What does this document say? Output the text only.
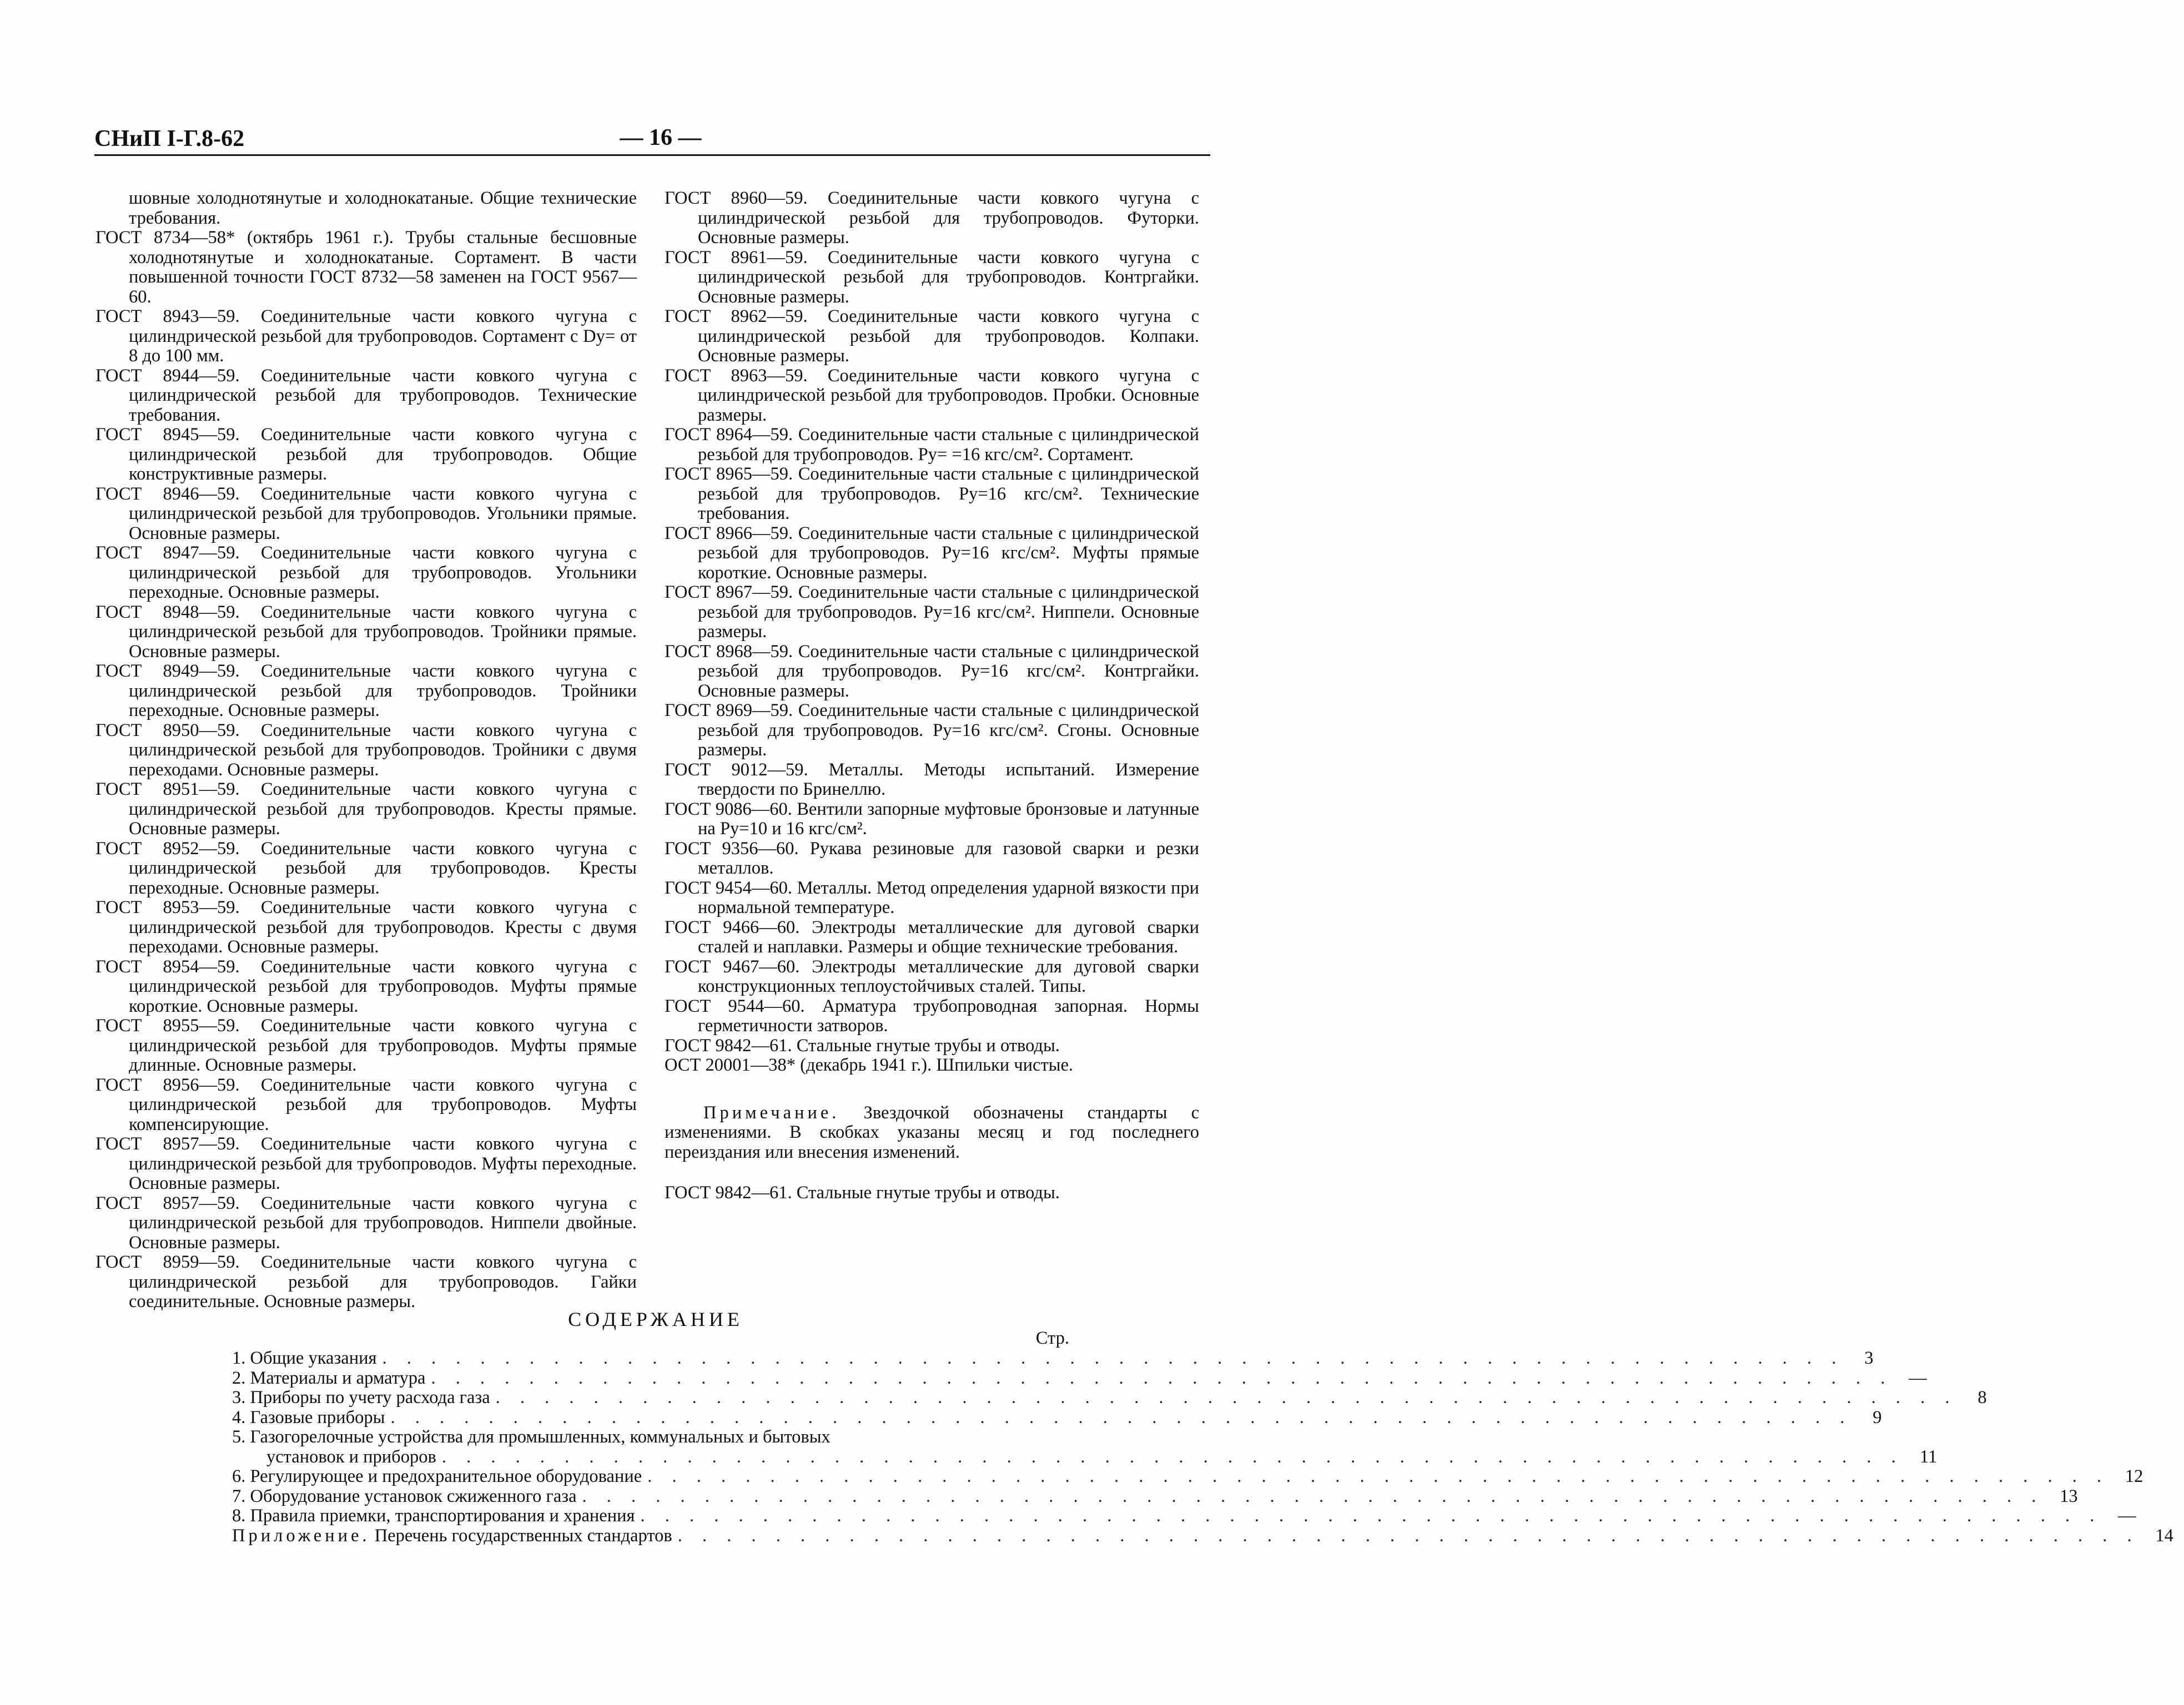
СНиП I-Г.8-62	— 16 —

шовные холоднотянутые и холоднокатаные. Общие технические требования.

ГОСТ 8734—58* (октябрь 1961 г.). Трубы стальные бесшовные холоднотянутые и холоднокатаные. Сортамент. В части повышенной точности ГОСТ 8732—58 заменен на ГОСТ 9567—60.

ГОСТ 8943—59. Соединительные части ковкого чугуна с цилиндрической резьбой для трубопроводов. Сортамент с Dy= от 8 до 100 мм.

ГОСТ 8944—59. Соединительные части ковкого чугуна с цилиндрической резьбой для трубопроводов. Технические требования.

ГОСТ 8945—59. Соединительные части ковкого чугуна с цилиндрической резьбой для трубопроводов. Общие конструктивные размеры.

ГОСТ 8946—59. Соединительные части ковкого чугуна с цилиндрической резьбой для трубопроводов. Угольники прямые. Основные размеры.

ГОСТ 8947—59. Соединительные части ковкого чугуна с цилиндрической резьбой для трубопроводов. Угольники переходные. Основные размеры.

ГОСТ 8948—59. Соединительные части ковкого чугуна с цилиндрической резьбой для трубопроводов. Тройники прямые. Основные размеры.

ГОСТ 8949—59. Соединительные части ковкого чугуна с цилиндрической резьбой для трубопроводов. Тройники переходные. Основные размеры.

ГОСТ 8950—59. Соединительные части ковкого чугуна с цилиндрической резьбой для трубопроводов. Тройники с двумя переходами. Основные размеры.

ГОСТ 8951—59. Соединительные части ковкого чугуна с цилиндрической резьбой для трубопроводов. Кресты прямые. Основные размеры.

ГОСТ 8952—59. Соединительные части ковкого чугуна с цилиндрической резьбой для трубопроводов. Кресты переходные. Основные размеры.

ГОСТ 8953—59. Соединительные части ковкого чугуна с цилиндрической резьбой для трубопроводов. Кресты с двумя переходами. Основные размеры.

ГОСТ 8954—59. Соединительные части ковкого чугуна с цилиндрической резьбой для трубопроводов. Муфты прямые короткие. Основные размеры.

ГОСТ 8955—59. Соединительные части ковкого чугуна с цилиндрической резьбой для трубопроводов. Муфты прямые длинные. Основные размеры.

ГОСТ 8956—59. Соединительные части ковкого чугуна с цилиндрической резьбой для трубопроводов. Муфты компенсирующие.

ГОСТ 8957—59. Соединительные части ковкого чугуна с цилиндрической резьбой для трубопроводов. Муфты переходные. Основные размеры.

ГОСТ 8957—59. Соединительные части ковкого чугуна с цилиндрической резьбой для трубопроводов. Ниппели двойные. Основные размеры.

ГОСТ 8959—59. Соединительные части ковкого чугуна с цилиндрической резьбой для трубопроводов. Гайки соединительные. Основные размеры.

ГОСТ 8960—59. Соединительные части ковкого чугуна с цилиндрической резьбой для трубопроводов. Футорки. Основные размеры.

ГОСТ 8961—59. Соединительные части ковкого чугуна с цилиндрической резьбой для трубопроводов. Контргайки. Основные размеры.

ГОСТ 8962—59. Соединительные части ковкого чугуна с цилиндрической резьбой для трубопроводов. Колпаки. Основные размеры.

ГОСТ 8963—59. Соединительные части ковкого чугуна с цилиндрической резьбой для трубопроводов. Пробки. Основные размеры.

ГОСТ 8964—59. Соединительные части стальные с цилиндрической резьбой для трубопроводов. Py= =16 кгс/см². Сортамент.

ГОСТ 8965—59. Соединительные части стальные с цилиндрической резьбой для трубопроводов. Py=16 кгс/см². Технические требования.

ГОСТ 8966—59. Соединительные части стальные с цилиндрической резьбой для трубопроводов. Py=16 кгс/см². Муфты прямые короткие. Основные размеры.

ГОСТ 8967—59. Соединительные части стальные с цилиндрической резьбой для трубопроводов. Py=16 кгс/см². Ниппели. Основные размеры.

ГОСТ 8968—59. Соединительные части стальные с цилиндрической резьбой для трубопроводов. Py=16 кгс/см². Контргайки. Основные размеры.

ГОСТ 8969—59. Соединительные части стальные с цилиндрической резьбой для трубопроводов. Py=16 кгс/см². Сгоны. Основные размеры.

ГОСТ 9012—59. Металлы. Методы испытаний. Измерение твердости по Бринеллю.

ГОСТ 9086—60. Вентили запорные муфтовые бронзовые и латунные на Py=10 и 16 кгс/см².

ГОСТ 9356—60. Рукава резиновые для газовой сварки и резки металлов.

ГОСТ 9454—60. Металлы. Метод определения ударной вязкости при нормальной температуре.

ГОСТ 9466—60. Электроды металлические для дуговой сварки сталей и наплавки. Размеры и общие технические требования.

ГОСТ 9467—60. Электроды металлические для дуговой сварки конструкционных теплоустойчивых сталей. Типы.

ГОСТ 9544—60. Арматура трубопроводная запорная. Нормы герметичности затворов.

ГОСТ 9842—61. Стальные гнутые трубы и отводы.

ОСТ 20001—38* (декабрь 1941 г.). Шпильки чистые.

Примечание. Звездочкой обозначены стандарты с изменениями. В скобках указаны месяц и год последнего переиздания или внесения изменений.

ГОСТ 9842—61. Стальные гнутые трубы и отводы.

СОДЕРЖАНИЕ
Стр.
1. Общие указания . . . . . . . . . . . . . . . . . . . . . . . . . . . . . . . . . . . . . . . . . . . . . . . . . . . . . . . . . . . .	3
2. Материалы и арматура . . . . . . . . . . . . . . . . . . . . . . . . . . . . . . . . . . . . . . . . . . . . . . . . . . . . . . . . . . . . —
3. Приборы по учету расхода газа . . . . . . . . . . . . . . . . . . . . . . . . . . . . . . . . . . . . . . . . . . . . . . . . . . . . . . . . . . . .	8
4. Газовые приборы . . . . . . . . . . . . . . . . . . . . . . . . . . . . . . . . . . . . . . . . . . . . . . . . . . . . . . . . . . . .	9
5. Газогорелочные устройства для промышленных, коммунальных и бытовых
установок и приборов . . . . . . . . . . . . . . . . . . . . . . . . . . . . . . . . . . . . . . . . . . . . . . . . . . . . . . . . . . . . 11
6. Регулирующее и предохранительное оборудование . . . . . . . . . . . . . . . . . . . . . . . . . . . . . . . . . . . . . . . . . . . . . . . . . . . . . . . . . . . . 12
7. Оборудование установок сжиженного газа . . . . . . . . . . . . . . . . . . . . . . . . . . . . . . . . . . . . . . . . . . . . . . . . . . . . . . . . . . . . 13
8. Правила приемки, транспортирования и хранения . . . . . . . . . . . . . . . . . . . . . . . . . . . . . . . . . . . . . . . . . . . . . . . . . . . . . . . . . . . . —
Приложение. Перечень государственных стандартов . . . . . . . . . . . . . . . . . . . . . . . . . . . . . . . . . . . . . . . . . . . . . . . . . . . . . . . . . . . . 14
